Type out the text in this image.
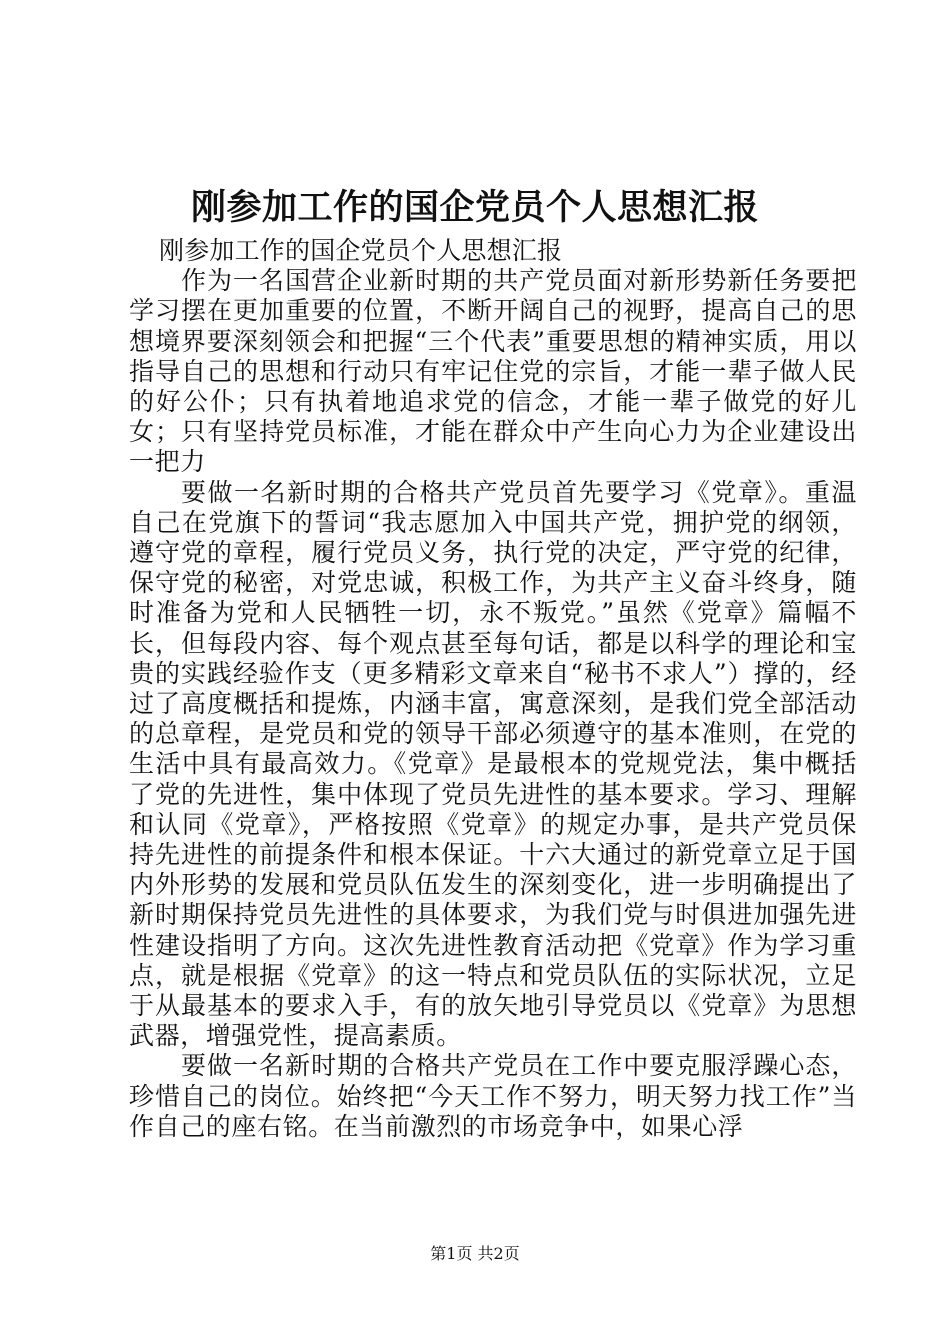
刚参加工作的国企党员个人思想汇报

刚参加工作的国企党员个人思想汇报

作为一名国营企业新时期的共产党员面对新形势新任务要把学习摆在更加重要的位置，不断开阔自己的视野，提高自己的思想境界要深刻领会和把握“三个代表”重要思想的精神实质，用以指导自己的思想和行动只有牢记住党的宗旨，才能一辈子做人民的好公仆；只有执着地追求党的信念，才能一辈子做党的好儿女；只有坚持党员标准，才能在群众中产生向心力为企业建设出一把力

要做一名新时期的合格共产党员首先要学习《党章》。重温自己在党旗下的誓词“我志愿加入中国共产党，拥护党的纲领，遵守党的章程，履行党员义务，执行党的决定，严守党的纪律，保守党的秘密，对党忠诚，积极工作，为共产主义奋斗终身，随时准备为党和人民牺牲一切，永不叛党。”虽然《党章》篇幅不长，但每段内容、每个观点甚至每句话，都是以科学的理论和宝贵的实践经验作支（更多精彩文章来自“秘书不求人”）撑的，经过了高度概括和提炼，内涵丰富，寓意深刻，是我们党全部活动的总章程，是党员和党的领导干部必须遵守的基本准则，在党的生活中具有最高效力。《党章》是最根本的党规党法，集中概括了党的先进性，集中体现了党员先进性的基本要求。学习、理解和认同《党章》，严格按照《党章》的规定办事，是共产党员保持先进性的前提条件和根本保证。十六大通过的新党章立足于国内外形势的发展和党员队伍发生的深刻变化，进一步明确提出了新时期保持党员先进性的具体要求，为我们党与时俱进加强先进性建设指明了方向。这次先进性教育活动把《党章》作为学习重点，就是根据《党章》的这一特点和党员队伍的实际状况，立足于从最基本的要求入手，有的放矢地引导党员以《党章》为思想武器，增强党性，提高素质。

要做一名新时期的合格共产党员在工作中要克服浮躁心态，珍惜自己的岗位。始终把“今天工作不努力，明天努力找工作”当作自己的座右铭。在当前激烈的市场竞争中，如果心浮

第1页 共2页
